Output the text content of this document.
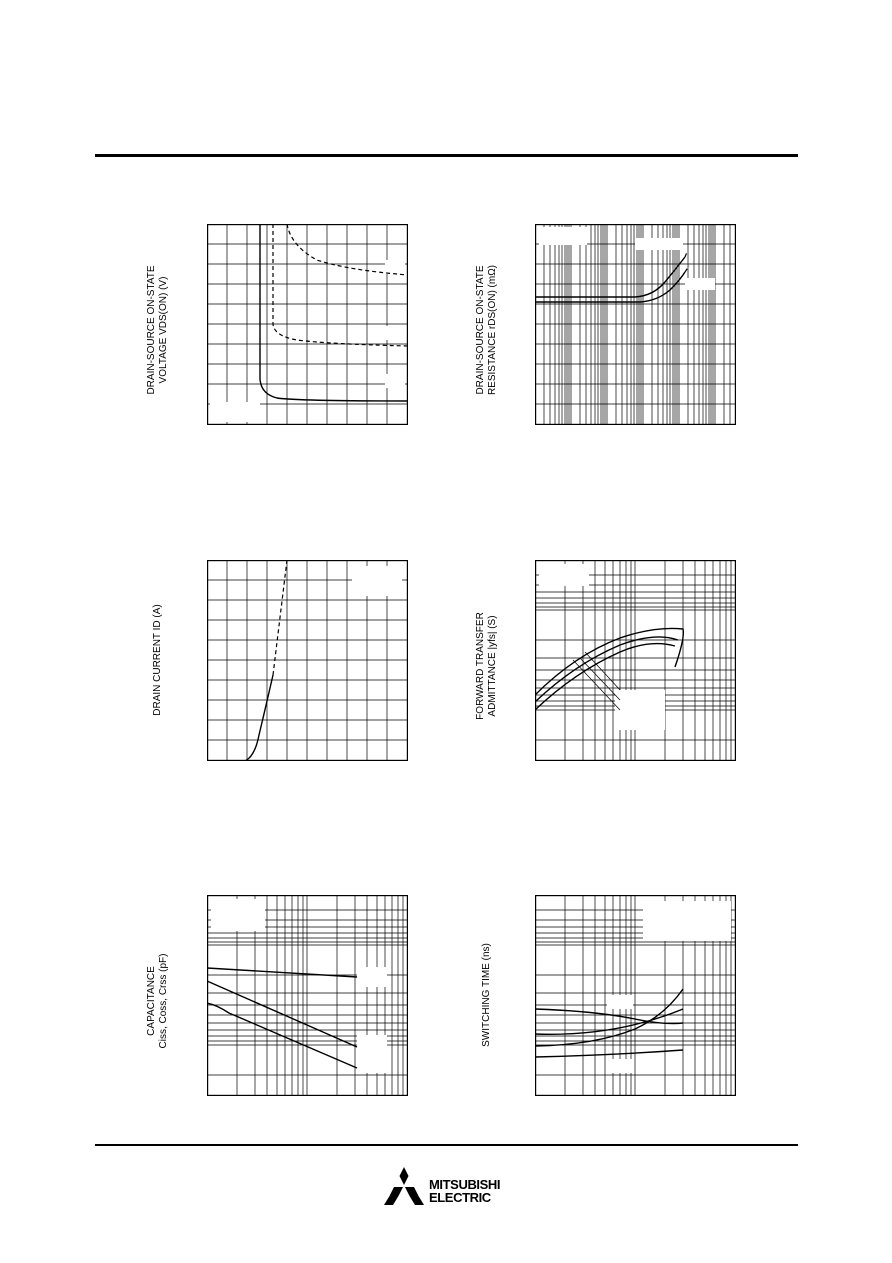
DRAIN-SOURCE ON-STATE VOLTAGE VDS(ON) (V)	DRAIN-SOURCE ON-STATE RESISTANCE rDS(ON) (mΩ)
DRAIN CURRENT ID (A)	FORWARD TRANSFER ADMITTANCE |yfs| (S)
CAPACITANCE Ciss, Coss, Crss (pF)	SWITCHING TIME (ns)
MITSUBISHI
ELECTRIC
